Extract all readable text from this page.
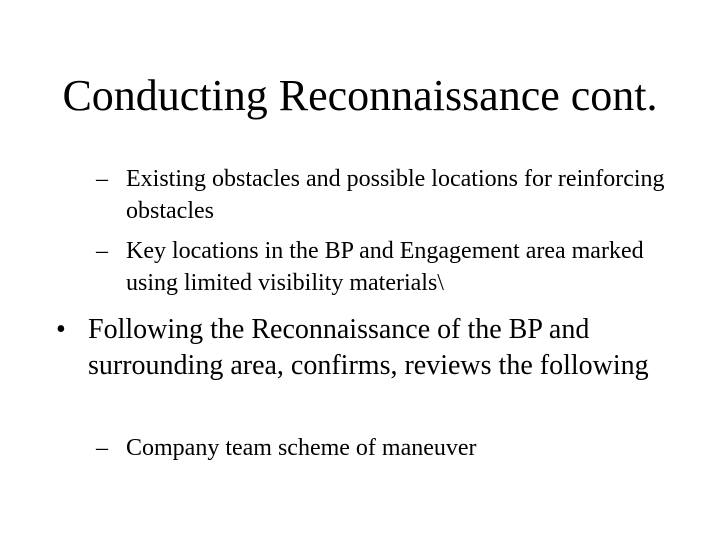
Conducting Reconnaissance cont.
– Existing obstacles and possible locations for reinforcing obstacles
– Key locations in the BP and Engagement area marked using limited visibility materials\
• Following the Reconnaissance of the BP and surrounding area, confirms, reviews the following
– Company team scheme of maneuver
